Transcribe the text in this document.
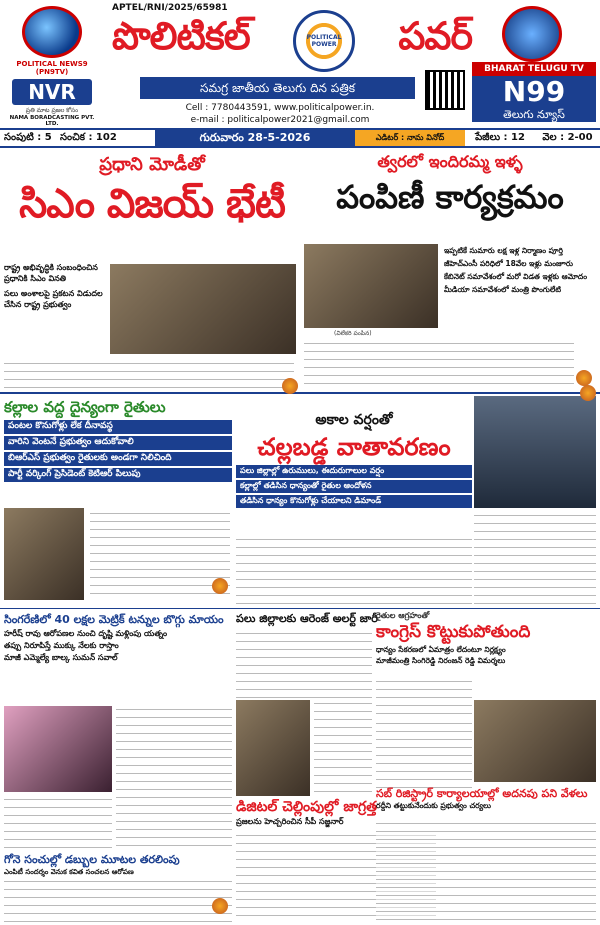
POLITICAL NEWS9 (PN9TV)
NVR
ప్రతి మాట ప్రజల కోసం
NAMA BORADCASTING PVT. LTD.
APTEL/RNI/2025/65981
పొలిటికల్	POLITICAL POWER	పవర్
సమగ్ర జాతీయ తెలుగు దిన పత్రిక
Cell : 7780443591, www.politicalpower.in.
e-mail : politicalpower2021@gmail.com
BHARAT TELUGU TV
N99
తెలుగు న్యూస్
సంపుటి : 5 సంచిక : 102	గురువారం 28-5-2026	ఎడిటర్ : నామ వినోద్	పేజీలు : 12	వెల : 2-00
ప్రధాని మోడీతో
సిఎం విజయ్ భేటీ
రాష్ట్ర అభివృద్ధికి సంబంధించిన ప్రధానికి సిఎం వినతి
పలు అంశాలపై ప్రకటన విడుదల చేసిన రాష్ట్ర ప్రభుత్వం
త్వరలో ఇందిరమ్మ ఇళ్ళ
పంపిణీ కార్యక్రమం
ఇప్పటికే సుమారు లక్ష ఇళ్ల నిర్మాణం పూర్తి
జీహెచ్ఎంసీ పరిధిలో 18వేల ఇళ్లు మంజూరు
కేబినెట్ సమావేశంలో మరో విడత ఇళ్లకు ఆమోదం
మీడియా సమావేశంలో మంత్రి పొంగులేటి
(విలేకరి పంపిన)
కల్లాల వద్ద దైన్యంగా రైతులు
పంటల కొనుగోళ్లు లేక దీనావస్థ
వారిని వెంటనే ప్రభుత్వం ఆదుకోవాలి
బిఆర్ఎస్ ప్రభుత్వం రైతులకు అండగా నిలిచింది
పార్టీ వర్కింగ్ ప్రెసిడెంట్ కెటిఆర్ పిలుపు
అకాల వర్షంతో
చల్లబడ్డ వాతావరణం
పలు జిల్లాల్లో ఉరుములు, ఈదురుగాలుల వర్షం
కల్లాల్లో తడిసిన ధాన్యంతో రైతుల ఆందోళన
తడిసిన ధాన్యం కొనుగోళ్లు చేయాలని డిమాండ్
పలు జిల్లాలకు ఆరెంజ్ అలర్ట్ జారీ
సింగరేణిలో 40 లక్షల మెట్రిక్ టన్నుల బొగ్గు మాయం
హరీష్ రావు ఆరోపణల నుంచి దృష్టి మళ్లింపు యత్నం
తప్పు నిరూపిస్తే ముక్కు నేలకు రాస్తాం
మాజీ ఎమ్మెల్యే బాల్క సుమన్ సవాల్
రైతుల ఆగ్రహంతో
కాంగ్రెస్ కొట్టుకుపోతుంది
ధాన్యం సేకరణలో ఏమాత్రం లేదంటూ నిర్లక్ష్యం
మాజీమంత్రి సింగిరెడ్డి నిరంజన్ రెడ్డి విమర్శలు
డిజిటల్ చెల్లింపుల్లో జాగ్రత్త
ప్రజలను హెచ్చరించిన సీపీ సజ్జనార్
గోనె సంచుల్లో డబ్బుల మూటల తరలింపు
ఎంపిటీ సందర్శం వెనుక కవిత సంచలన ఆరోపణ
సబ్ రిజిస్ట్రార్ కార్యాలయాల్లో అదనపు పని వేళలు
రద్దీని తట్టుకునేందుకు ప్రభుత్వం చర్యలు
